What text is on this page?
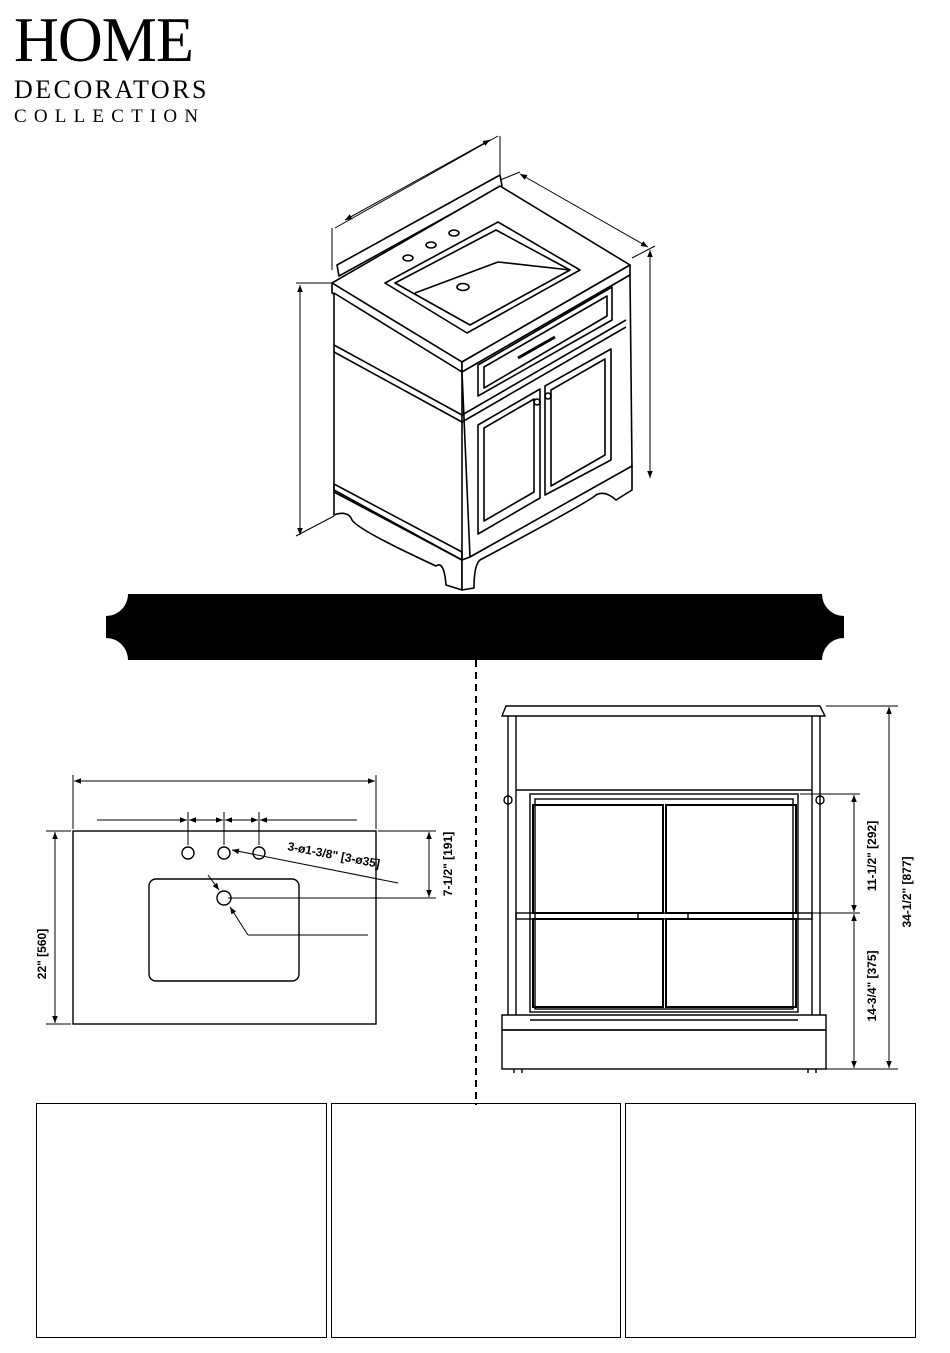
HOME
DECORATORS
COLLECTION
22" [560]
3-ø1-3/8" [3-ø35]	7-1/2" [191]	11-1/2" [292]
14-3/4" [375]
34-1/2" [877]
